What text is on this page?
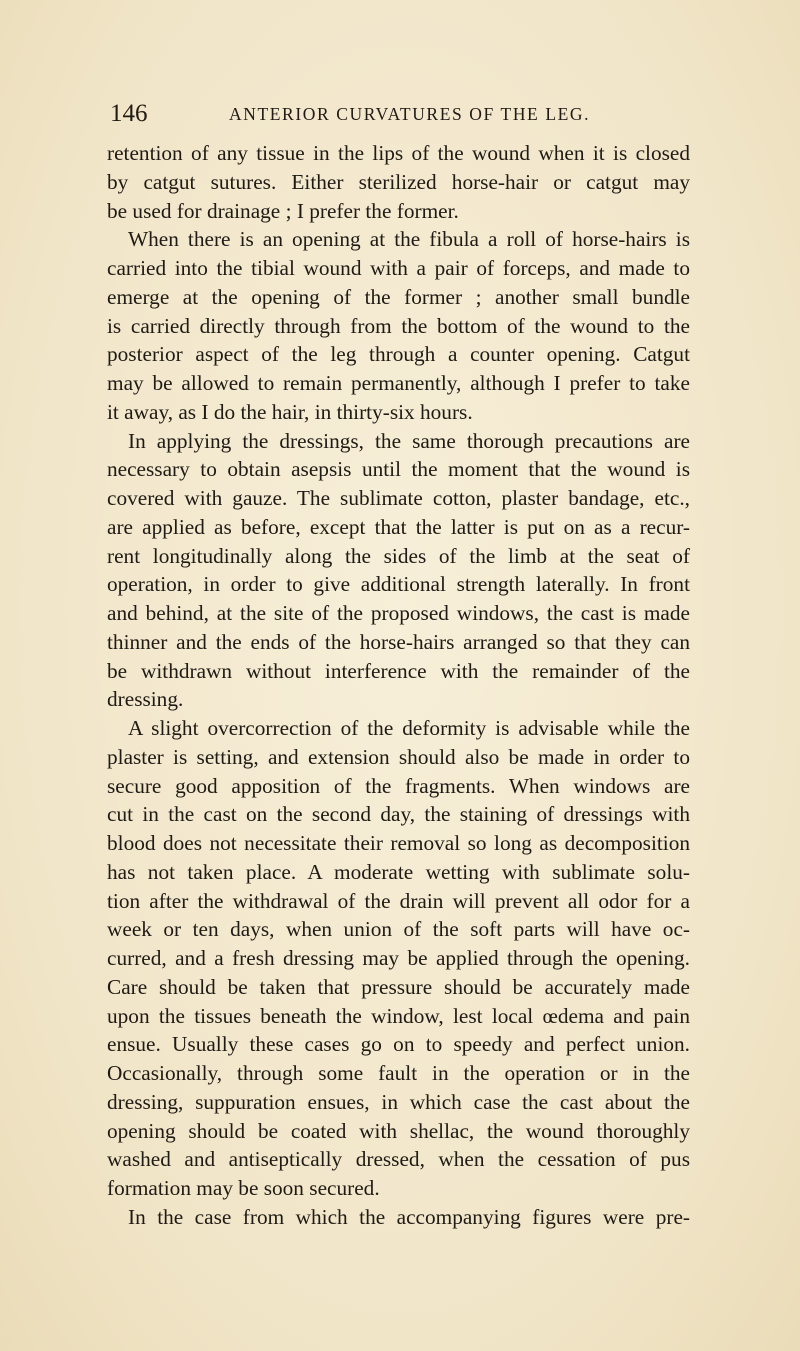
146	ANTERIOR CURVATURES OF THE LEG.

retention of any tissue in the lips of the wound when it is closed
by catgut sutures. Either sterilized horse-hair or catgut may
be used for drainage ; I prefer the former.

When there is an opening at the fibula a roll of horse-hairs is
carried into the tibial wound with a pair of forceps, and made to
emerge at the opening of the former ; another small bundle
is carried directly through from the bottom of the wound to the
posterior aspect of the leg through a counter opening. Catgut
may be allowed to remain permanently, although I prefer to take
it away, as I do the hair, in thirty-six hours.

In applying the dressings, the same thorough precautions are
necessary to obtain asepsis until the moment that the wound is
covered with gauze. The sublimate cotton, plaster bandage, etc.,
are applied as before, except that the latter is put on as a recur-
rent longitudinally along the sides of the limb at the seat of
operation, in order to give additional strength laterally. In front
and behind, at the site of the proposed windows, the cast is made
thinner and the ends of the horse-hairs arranged so that they can
be withdrawn without interference with the remainder of the
dressing.

A slight overcorrection of the deformity is advisable while the
plaster is setting, and extension should also be made in order to
secure good apposition of the fragments. When windows are
cut in the cast on the second day, the staining of dressings with
blood does not necessitate their removal so long as decomposition
has not taken place. A moderate wetting with sublimate solu-
tion after the withdrawal of the drain will prevent all odor for a
week or ten days, when union of the soft parts will have oc-
curred, and a fresh dressing may be applied through the opening.
Care should be taken that pressure should be accurately made
upon the tissues beneath the window, lest local œdema and pain
ensue. Usually these cases go on to speedy and perfect union.
Occasionally, through some fault in the operation or in the
dressing, suppuration ensues, in which case the cast about the
opening should be coated with shellac, the wound thoroughly
washed and antiseptically dressed, when the cessation of pus
formation may be soon secured.

In the case from which the accompanying figures were pre-
